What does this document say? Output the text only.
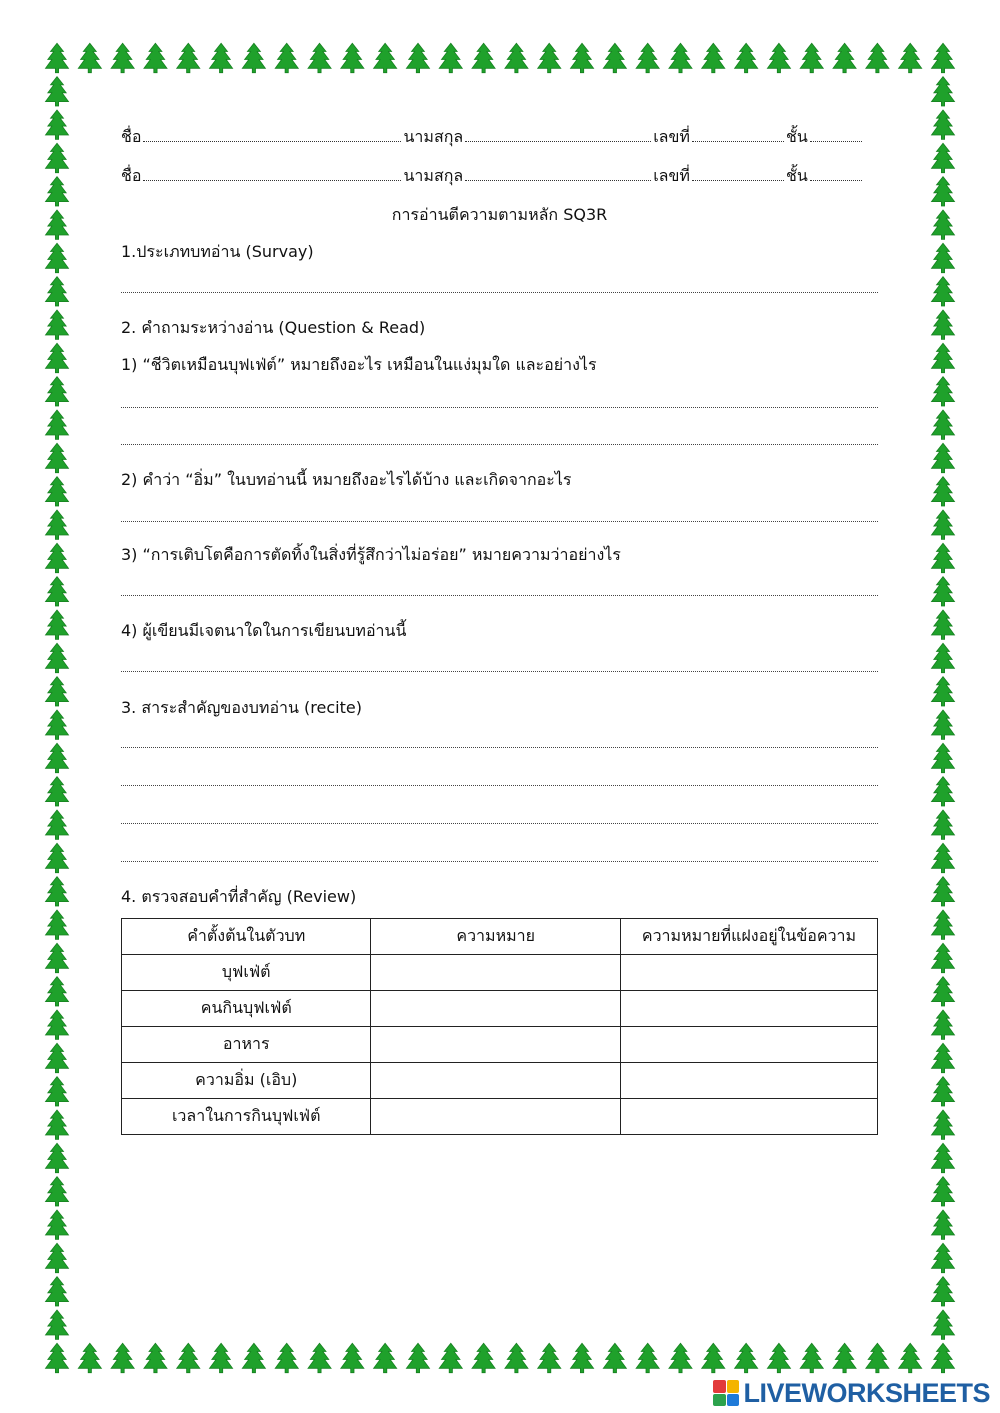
ชื่อ	นามสกุล	เลขที่	ชั้น
ชื่อ	นามสกุล	เลขที่	ชั้น
การอ่านตีความตามหลัก SQ3R
1.ประเภทบทอ่าน (Survay)
2. คำถามระหว่างอ่าน (Question & Read)
1) “ชีวิตเหมือนบุฟเฟ่ต์” หมายถึงอะไร เหมือนในแง่มุมใด และอย่างไร
2) คำว่า “อิ่ม” ในบทอ่านนี้ หมายถึงอะไรได้บ้าง และเกิดจากอะไร
3) “การเติบโตคือการตัดทิ้งในสิ่งที่รู้สึกว่าไม่อร่อย” หมายความว่าอย่างไร
4) ผู้เขียนมีเจตนาใดในการเขียนบทอ่านนี้
3. สาระสำคัญของบทอ่าน (recite)
4. ตรวจสอบคำที่สำคัญ (Review)
คำตั้งต้นในตัวบท	ความหมาย	ความหมายที่แฝงอยู่ในข้อความ
บุฟเฟ่ต์		
คนกินบุฟเฟ่ต์		
อาหาร		
ความอิ่ม (เอิบ)		
เวลาในการกินบุฟเฟ่ต์		
LIVEWORKSHEETS
